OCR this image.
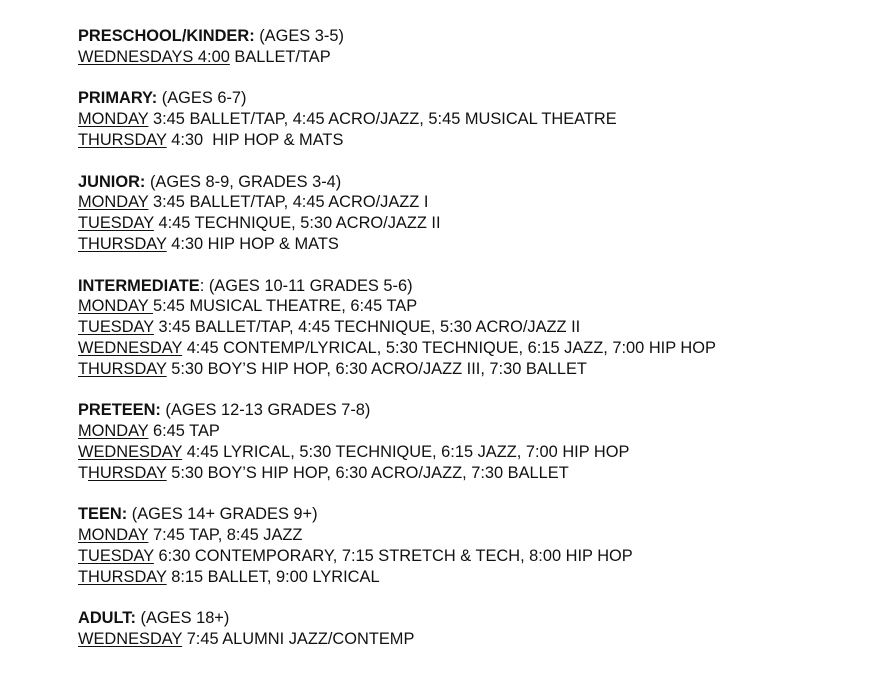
PRESCHOOL/KINDER: (AGES 3-5)
WEDNESDAYS 4:00 BALLET/TAP
PRIMARY: (AGES 6-7)
MONDAY 3:45 BALLET/TAP, 4:45 ACRO/JAZZ, 5:45 MUSICAL THEATRE
THURSDAY 4:30  HIP HOP & MATS
JUNIOR: (AGES 8-9, GRADES 3-4)
MONDAY 3:45 BALLET/TAP, 4:45 ACRO/JAZZ I
TUESDAY 4:45 TECHNIQUE, 5:30 ACRO/JAZZ II
THURSDAY 4:30 HIP HOP & MATS
INTERMEDIATE: (AGES 10-11 GRADES 5-6)
MONDAY 5:45 MUSICAL THEATRE, 6:45 TAP
TUESDAY 3:45 BALLET/TAP, 4:45 TECHNIQUE, 5:30 ACRO/JAZZ II
WEDNESDAY 4:45 CONTEMP/LYRICAL, 5:30 TECHNIQUE, 6:15 JAZZ, 7:00 HIP HOP
THURSDAY 5:30 BOY’S HIP HOP, 6:30 ACRO/JAZZ III, 7:30 BALLET
PRETEEN: (AGES 12-13 GRADES 7-8)
MONDAY 6:45 TAP
WEDNESDAY 4:45 LYRICAL, 5:30 TECHNIQUE, 6:15 JAZZ, 7:00 HIP HOP
THURSDAY 5:30 BOY’S HIP HOP, 6:30 ACRO/JAZZ, 7:30 BALLET
TEEN: (AGES 14+ GRADES 9+)
MONDAY 7:45 TAP, 8:45 JAZZ
TUESDAY 6:30 CONTEMPORARY, 7:15 STRETCH & TECH, 8:00 HIP HOP
THURSDAY 8:15 BALLET, 9:00 LYRICAL
ADULT: (AGES 18+)
WEDNESDAY 7:45 ALUMNI JAZZ/CONTEMP
